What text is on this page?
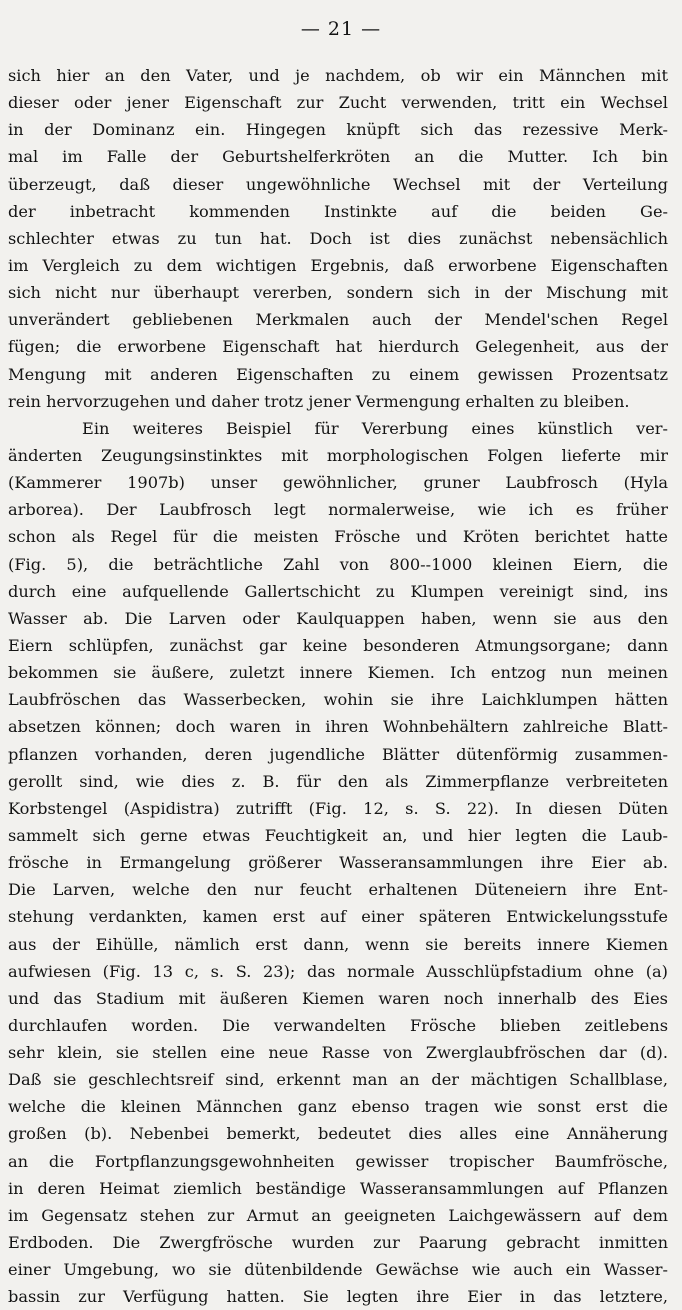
— 21 —
sich hier an den Vater, und je nachdem, ob wir ein Männchen mit
dieser oder jener Eigenschaft zur Zucht verwenden, tritt ein Wechsel
in der Dominanz ein. Hingegen knüpft sich das rezessive Merk-
mal im Falle der Geburtshelferkröten an die Mutter. Ich bin
überzeugt, daß dieser ungewöhnliche Wechsel mit der Verteilung
der inbetracht kommenden Instinkte auf die beiden Ge-
schlechter etwas zu tun hat. Doch ist dies zunächst nebensächlich
im Vergleich zu dem wichtigen Ergebnis, daß erworbene Eigenschaften
sich nicht nur überhaupt vererben, sondern sich in der Mischung mit
unverändert gebliebenen Merkmalen auch der Mendel'schen Regel
fügen; die erworbene Eigenschaft hat hierdurch Gelegenheit, aus der
Mengung mit anderen Eigenschaften zu einem gewissen Prozentsatz
rein hervorzugehen und daher trotz jener Vermengung erhalten zu bleiben.
Ein weiteres Beispiel für Vererbung eines künstlich ver-
änderten Zeugungsinstinktes mit morphologischen Folgen lieferte mir
(Kammerer 1907b) unser gewöhnlicher, gruner Laubfrosch (Hyla
arborea). Der Laubfrosch legt normalerweise, wie ich es früher
schon als Regel für die meisten Frösche und Kröten berichtet hatte
(Fig. 5), die beträchtliche Zahl von 800--1000 kleinen Eiern, die
durch eine aufquellende Gallertschicht zu Klumpen vereinigt sind, ins
Wasser ab. Die Larven oder Kaulquappen haben, wenn sie aus den
Eiern schlüpfen, zunächst gar keine besonderen Atmungsorgane; dann
bekommen sie äußere, zuletzt innere Kiemen. Ich entzog nun meinen
Laubfröschen das Wasserbecken, wohin sie ihre Laichklumpen hätten
absetzen können; doch waren in ihren Wohnbehältern zahlreiche Blatt-
pflanzen vorhanden, deren jugendliche Blätter dütenförmig zusammen-
gerollt sind, wie dies z. B. für den als Zimmerpflanze verbreiteten
Korbstengel (Aspidistra) zutrifft (Fig. 12, s. S. 22). In diesen Düten
sammelt sich gerne etwas Feuchtigkeit an, und hier legten die Laub-
frösche in Ermangelung größerer Wasseransammlungen ihre Eier ab.
Die Larven, welche den nur feucht erhaltenen Düteneiern ihre Ent-
stehung verdankten, kamen erst auf einer späteren Entwickelungsstufe
aus der Eihülle, nämlich erst dann, wenn sie bereits innere Kiemen
aufwiesen (Fig. 13 c, s. S. 23); das normale Ausschlüpfstadium ohne (a)
und das Stadium mit äußeren Kiemen waren noch innerhalb des Eies
durchlaufen worden. Die verwandelten Frösche blieben zeitlebens
sehr klein, sie stellen eine neue Rasse von Zwerglaubfröschen dar (d).
Daß sie geschlechtsreif sind, erkennt man an der mächtigen Schallblase,
welche die kleinen Männchen ganz ebenso tragen wie sonst erst die
großen (b). Nebenbei bemerkt, bedeutet dies alles eine Annäherung
an die Fortpflanzungsgewohnheiten gewisser tropischer Baumfrösche,
in deren Heimat ziemlich beständige Wasseransammlungen auf Pflanzen
im Gegensatz stehen zur Armut an geeigneten Laichgewässern auf dem
Erdboden. Die Zwergfrösche wurden zur Paarung gebracht inmitten
einer Umgebung, wo sie dütenbildende Gewächse wie auch ein Wasser-
bassin zur Verfügung hatten. Sie legten ihre Eier in das letztere,
